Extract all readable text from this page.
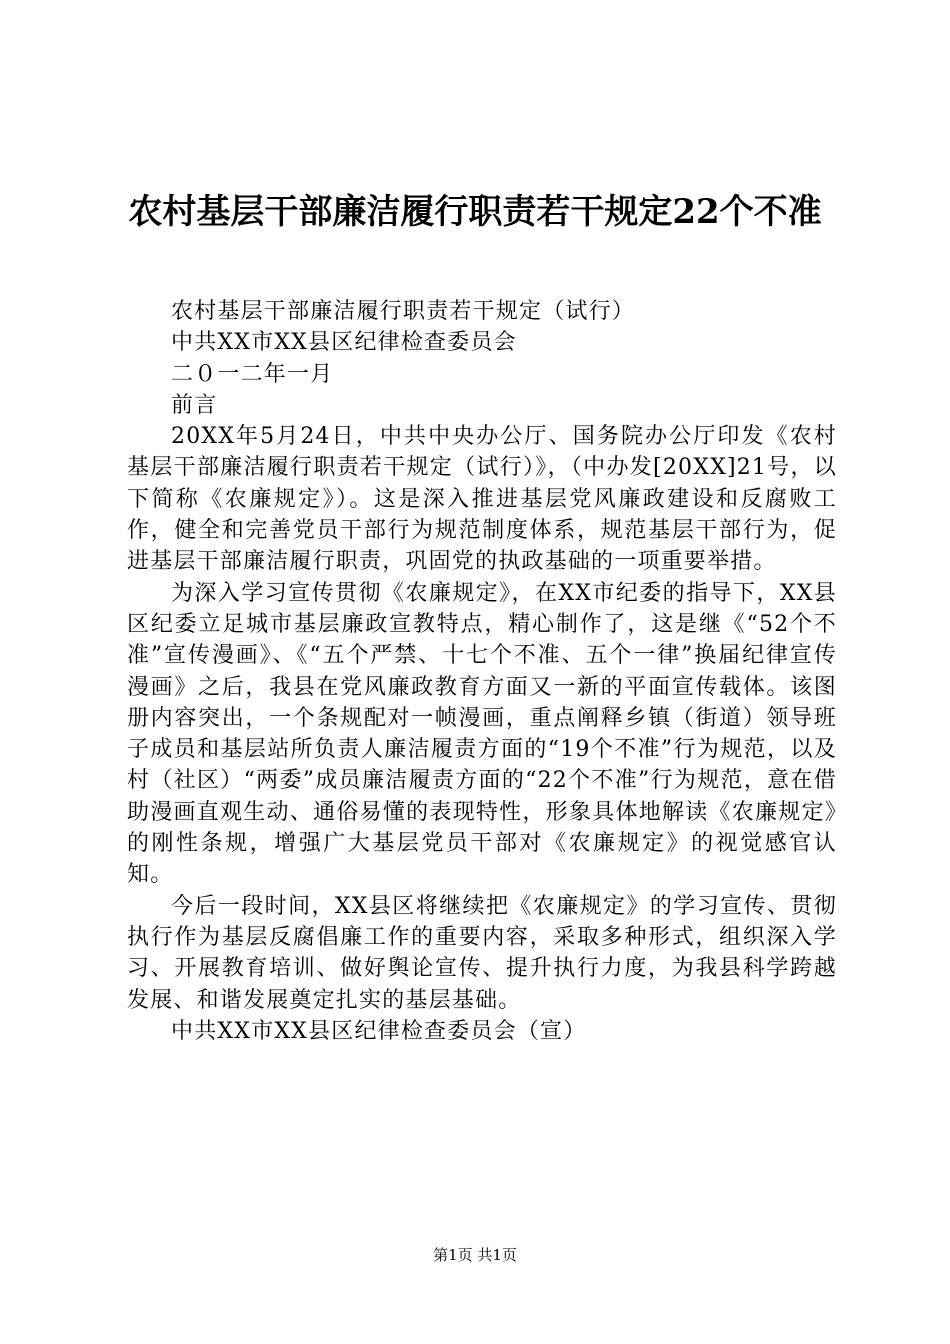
农村基层干部廉洁履行职责若干规定22个不准

农村基层干部廉洁履行职责若干规定（试行）

中共XX市XX县区纪律检查委员会

二０一二年一月

前言

20XX年5月24日，中共中央办公厅、国务院办公厅印发《农村基层干部廉洁履行职责若干规定（试行）》，（中办发[20XX]21号，以下简称《农廉规定》）。这是深入推进基层党风廉政建设和反腐败工作，健全和完善党员干部行为规范制度体系，规范基层干部行为，促进基层干部廉洁履行职责，巩固党的执政基础的一项重要举措。

为深入学习宣传贯彻《农廉规定》，在XX市纪委的指导下，XX县区纪委立足城市基层廉政宣教特点，精心制作了，这是继《“52个不准”宣传漫画》、《“五个严禁、十七个不准、五个一律”换届纪律宣传漫画》之后，我县在党风廉政教育方面又一新的平面宣传载体。该图册内容突出，一个条规配对一帧漫画，重点阐释乡镇（街道）领导班子成员和基层站所负责人廉洁履责方面的“19个不准”行为规范，以及村（社区）“两委”成员廉洁履责方面的“22个不准”行为规范，意在借助漫画直观生动、通俗易懂的表现特性，形象具体地解读《农廉规定》的刚性条规，增强广大基层党员干部对《农廉规定》的视觉感官认知。

今后一段时间，XX县区将继续把《农廉规定》的学习宣传、贯彻执行作为基层反腐倡廉工作的重要内容，采取多种形式，组织深入学习、开展教育培训、做好舆论宣传、提升执行力度，为我县科学跨越发展、和谐发展奠定扎实的基层基础。

中共XX市XX县区纪律检查委员会（宣）

第1页 共1页
